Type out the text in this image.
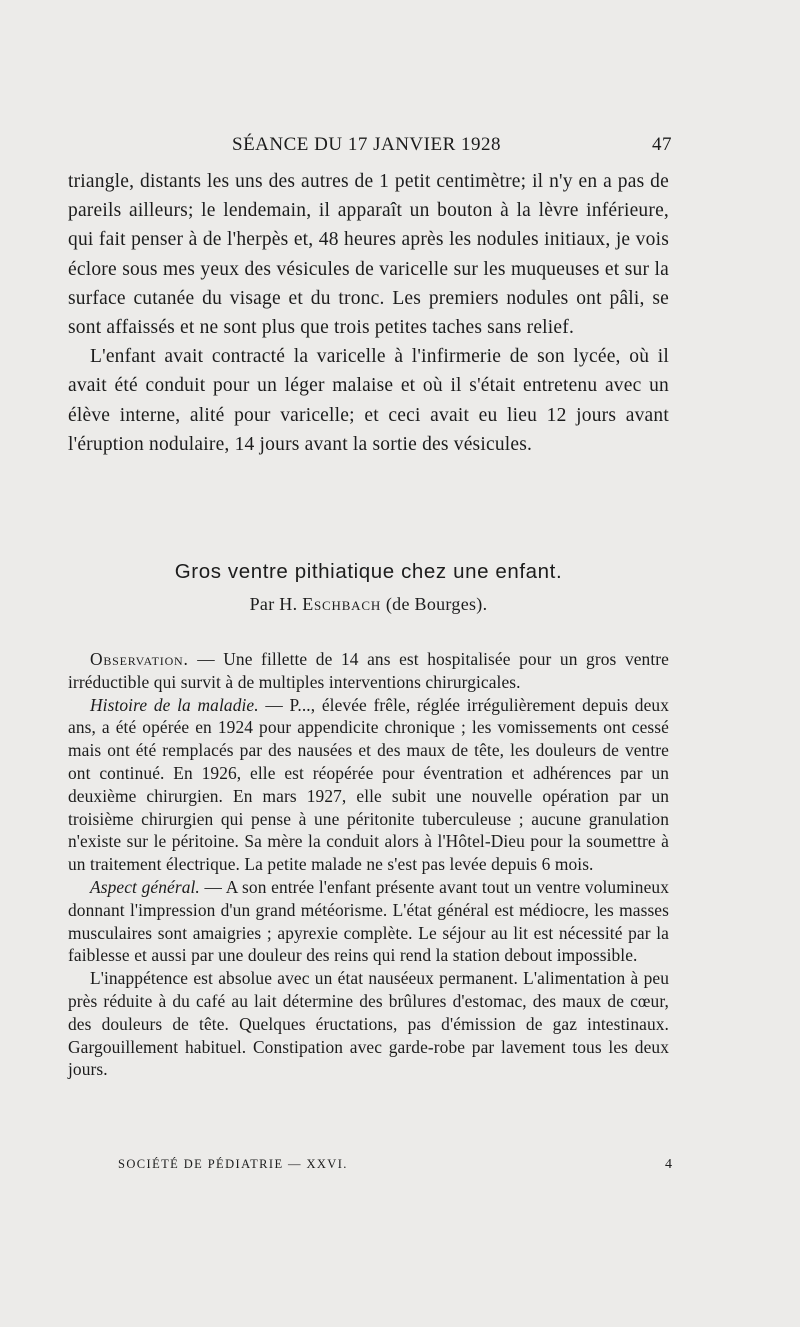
SÉANCE DU 17 JANVIER 1928	47

triangle, distants les uns des autres de 1 petit centimètre; il n'y en a pas de pareils ailleurs; le lendemain, il apparaît un bouton à la lèvre inférieure, qui fait penser à de l'herpès et, 48 heures après les nodules initiaux, je vois éclore sous mes yeux des vésicules de varicelle sur les muqueuses et sur la surface cutanée du visage et du tronc. Les premiers nodules ont pâli, se sont affaissés et ne sont plus que trois petites taches sans relief.

L'enfant avait contracté la varicelle à l'infirmerie de son lycée, où il avait été conduit pour un léger malaise et où il s'était entretenu avec un élève interne, alité pour varicelle; et ceci avait eu lieu 12 jours avant l'éruption nodulaire, 14 jours avant la sortie des vésicules.

Gros ventre pithiatique chez une enfant.
Par H. Eschbach (de Bourges).

Observation. — Une fillette de 14 ans est hospitalisée pour un gros ventre irréductible qui survit à de multiples interventions chirurgicales.

Histoire de la maladie. — P..., élevée frêle, réglée irrégulièrement depuis deux ans, a été opérée en 1924 pour appendicite chronique ; les vomissements ont cessé mais ont été remplacés par des nausées et des maux de tête, les douleurs de ventre ont continué. En 1926, elle est réopérée pour éventration et adhérences par un deuxième chirurgien. En mars 1927, elle subit une nouvelle opération par un troisième chirurgien qui pense à une péritonite tuberculeuse ; aucune granulation n'existe sur le péritoine. Sa mère la conduit alors à l'Hôtel-Dieu pour la soumettre à un traitement électrique. La petite malade ne s'est pas levée depuis 6 mois.

Aspect général. — A son entrée l'enfant présente avant tout un ventre volumineux donnant l'impression d'un grand météorisme. L'état général est médiocre, les masses musculaires sont amaigries ; apyrexie complète. Le séjour au lit est nécessité par la faiblesse et aussi par une douleur des reins qui rend la station debout impossible.

L'inappétence est absolue avec un état nauséeux permanent. L'alimentation à peu près réduite à du café au lait détermine des brûlures d'estomac, des maux de cœur, des douleurs de tête. Quelques éructations, pas d'émission de gaz intestinaux. Gargouillement habituel. Constipation avec garde-robe par lavement tous les deux jours.

SOCIÉTÉ DE PÉDIATRIE — XXVI.	4
